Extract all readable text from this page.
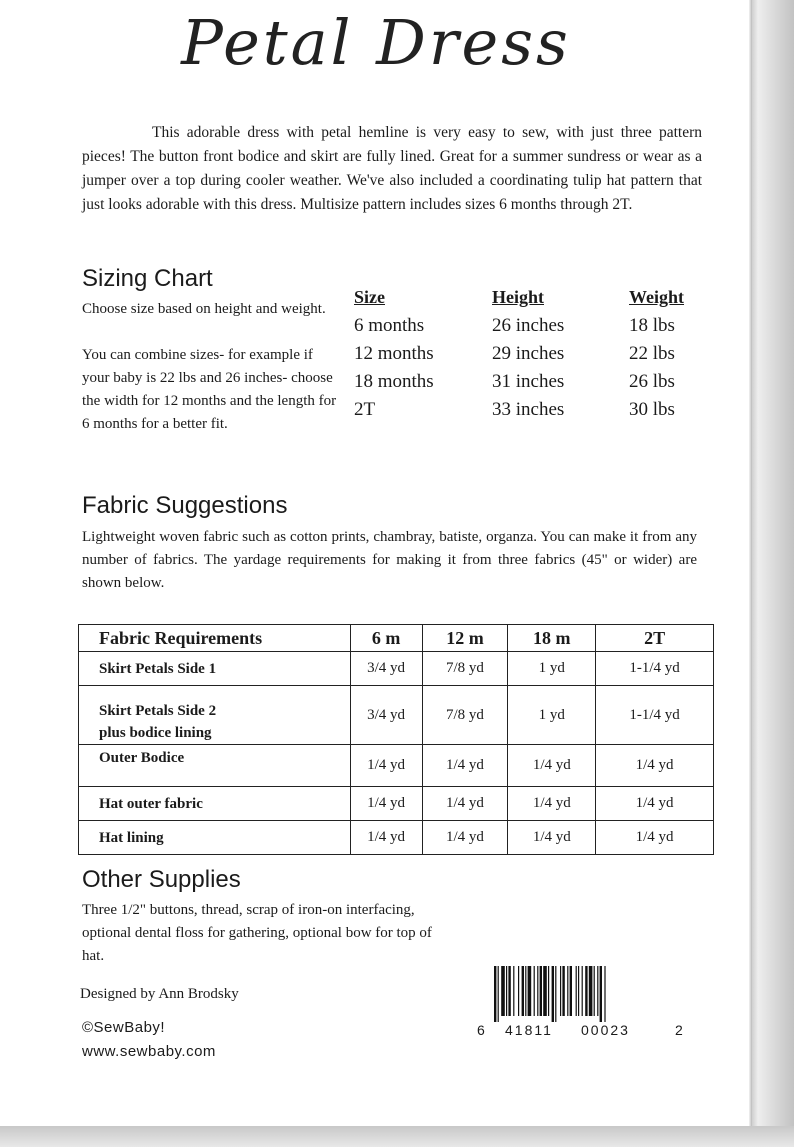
Petal Dress

This adorable dress with petal hemline is very easy to sew, with just three pattern pieces! The button front bodice and skirt are fully lined. Great for a summer sundress or wear as a jumper over a top during cooler weather. We've also included a coordinating tulip hat pattern that just looks adorable with this dress. Multisize pattern includes sizes 6 months through 2T.

Sizing Chart
Choose size based on height and weight.
You can combine sizes- for example if your baby is 22 lbs and 26 inches- choose the width for 12 months and the length for 6 months for a better fit.
Size	Height	Weight
6 months	26 inches	18 lbs
12 months	29 inches	22 lbs
18 months	31 inches	26 lbs
2T	33 inches	30 lbs
Fabric Suggestions
Lightweight woven fabric such as cotton prints, chambray, batiste, organza. You can make it from any number of fabrics. The yardage requirements for making it from three fabrics (45" or wider) are shown below.
Fabric Requirements	6 m	12 m	18 m	2T
Skirt Petals Side 1	3/4 yd	7/8 yd	1 yd	1-1/4 yd
Skirt Petals Side 2
plus bodice lining	3/4 yd	7/8 yd	1 yd	1-1/4 yd
Outer Bodice	1/4 yd	1/4 yd	1/4 yd	1/4 yd
Hat outer fabric	1/4 yd	1/4 yd	1/4 yd	1/4 yd
Hat lining	1/4 yd	1/4 yd	1/4 yd	1/4 yd
Other Supplies
Three 1/2" buttons, thread, scrap of iron-on interfacing, optional dental floss for gathering, optional bow for top of hat.
Designed by Ann Brodsky
©SewBaby!
www.sewbaby.com
6 41811 00023	2
